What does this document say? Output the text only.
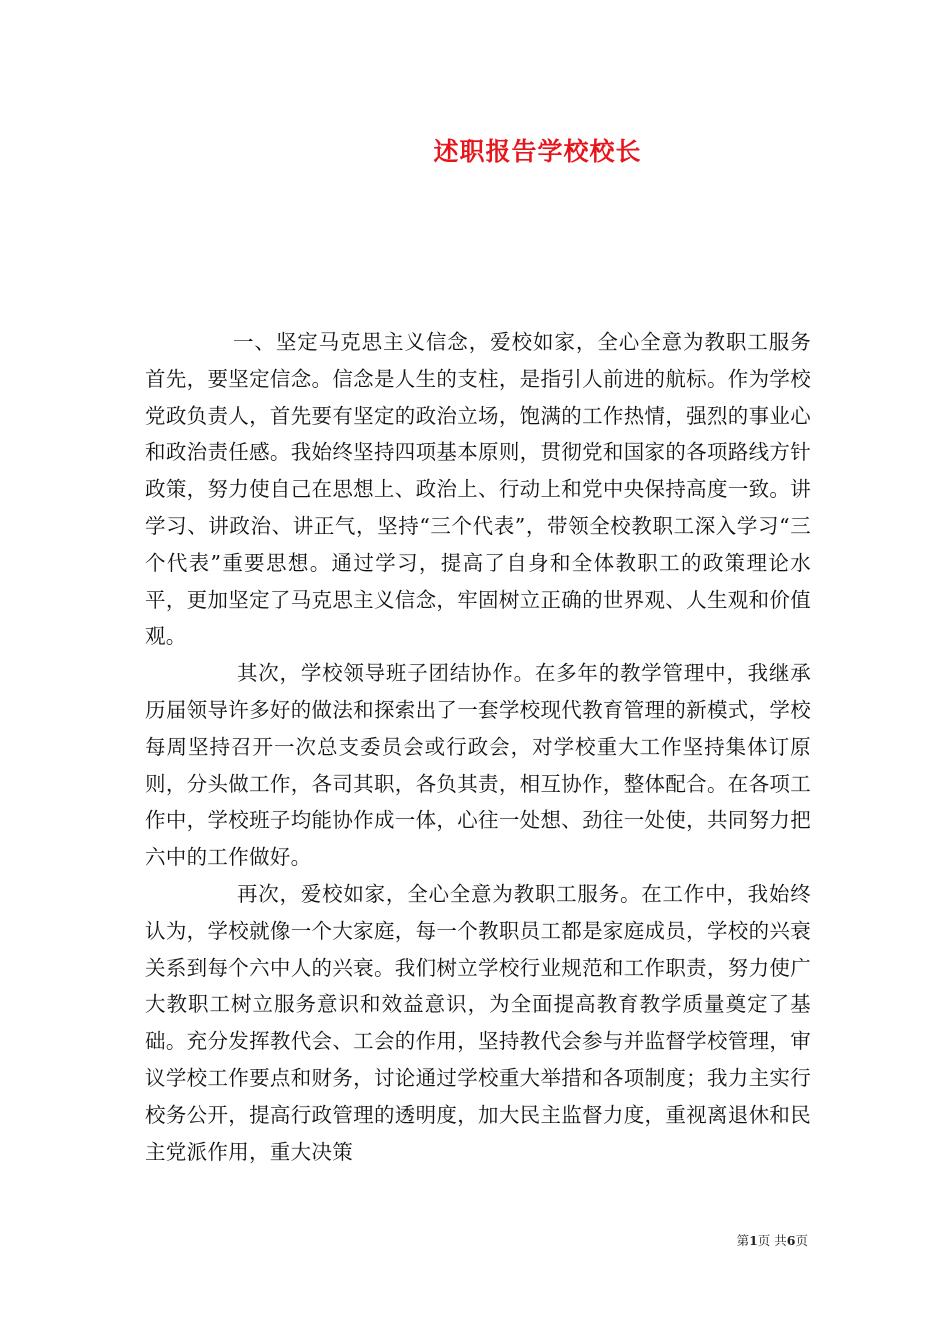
述职报告学校校长

一、坚定马克思主义信念，爱校如家，全心全意为教职工服务首先，要坚定信念。信念是人生的支柱，是指引人前进的航标。作为学校党政负责人，首先要有坚定的政治立场，饱满的工作热情，强烈的事业心和政治责任感。我始终坚持四项基本原则，贯彻党和国家的各项路线方针政策，努力使自己在思想上、政治上、行动上和党中央保持高度一致。讲学习、讲政治、讲正气，坚持“三个代表”，带领全校教职工深入学习“三个代表”重要思想。通过学习，提高了自身和全体教职工的政策理论水平，更加坚定了马克思主义信念，牢固树立正确的世界观、人生观和价值观。

其次，学校领导班子团结协作。在多年的教学管理中，我继承历届领导许多好的做法和探索出了一套学校现代教育管理的新模式，学校每周坚持召开一次总支委员会或行政会，对学校重大工作坚持集体订原则，分头做工作，各司其职，各负其责，相互协作，整体配合。在各项工作中，学校班子均能协作成一体，心往一处想、劲往一处使，共同努力把六中的工作做好。

再次，爱校如家，全心全意为教职工服务。在工作中，我始终认为，学校就像一个大家庭，每一个教职员工都是家庭成员，学校的兴衰关系到每个六中人的兴衰。我们树立学校行业规范和工作职责，努力使广大教职工树立服务意识和效益意识，为全面提高教育教学质量奠定了基础。充分发挥教代会、工会的作用，坚持教代会参与并监督学校管理，审议学校工作要点和财务，讨论通过学校重大举措和各项制度；我力主实行校务公开，提高行政管理的透明度，加大民主监督力度，重视离退休和民主党派作用，重大决策

第1页 共6页
